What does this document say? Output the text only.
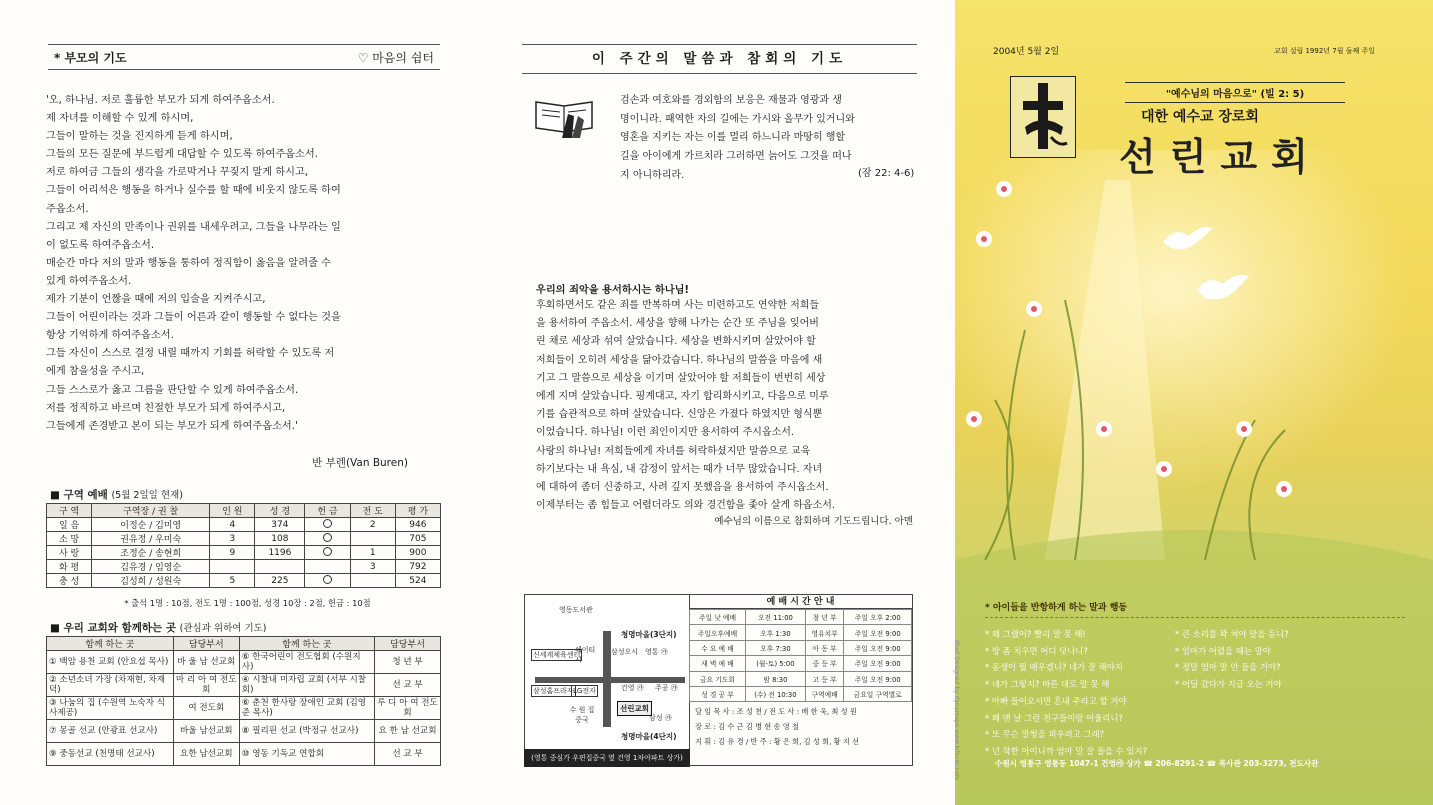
* 부모의 기도	♡ 마음의 쉼터
'오, 하나님. 저로 훌륭한 부모가 되게 하여주옵소서.
제 자녀를 이해할 수 있게 하시며,
그들이 말하는 것을 진지하게 듣게 하시며,
그들의 모든 질문에 부드럽게 대답할 수 있도록 하여주옵소서.
저로 하여금 그들의 생각을 가로막거나 꾸짖지 말게 하시고,
그들이 어리석은 행동을 하거나 실수를 할 때에 비웃지 않도록 하여
주옵소서.
그리고 제 자신의 만족이나 권위를 내세우려고, 그들을 나무라는 일
이 없도록 하여주옵소서.
매순간 마다 저의 말과 행동을 통하여 정직함이 옳음을 알려줄 수
있게 하여주옵소서.
제가 기분이 언짢을 때에 저의 입술을 지켜주시고,
그들이 어린이라는 것과 그들이 어른과 같이 행동할 수 없다는 것을
항상 기억하게 하여주옵소서.
그들 자신이 스스로 결정 내릴 때까지 기회를 허락할 수 있도록 저
에게 참을성을 주시고,
그들 스스로가 옳고 그름을 판단할 수 있게 하여주옵소서.
저를 정직하고 바르며 친절한 부모가 되게 하여주시고,
그들에게 존경받고 본이 되는 부모가 되게 하여주옵소서.'
반 부렌(Van Buren)
■ 구역 예배 (5월 2일일 현재)
구 역	구역장 / 권 찰	인 원	성 경	헌 금	전 도	평 가
일 음	이정순 / 김미영	4	374		2	946
소 망	권유정 / 우미숙	3	108			705
사 랑	조정순 / 송현희	9	1196		1	900
화 평	김유경 / 임영순				3	792
충 성	김성희 / 성원숙	5	225			524
* 출석 1명 : 10점, 전도 1명 : 100점, 성경 10장 : 2점, 헌금 : 10점
■ 우리 교회와 함께하는 곳 (관심과 위하여 기도)
함께 하는 곳	담당부서	함께 하는 곳	담당부서
① 백암 용천 교회 (안요섭 목사)	바 울 남 선교회	⑥ 한국어린이 전도협회 (수원지사)	청 년 부
② 소년소녀 가장 (차재현, 차재덕)	마 리 아 여 전도회	④ 시찰내 미자립 교회 (서부 시찰회)	선 교 부
③ 나눔의 집 (수원역 노숙자 식사제공)	여 전도회	⑥ 춘천 한사랑 장애인 교회 (김영준 목사)	루 디 아 여 전도회
⑦ 몽골 선교 (안광표 선교사)	바울 남선교회	⑧ 필리핀 선교 (박정규 선교사)	요 한 남 선교회
⑨ 중동선교 (천명태 선교사)	요한 남선교회	⑩ 영동 기독교 연합회	선 교 부
이 주간의 말씀과 참회의 기도
검손과 여호와를 경외함의 보응은 재물과 영광과 생
명이니라. 패역한 자의 길에는 가시와 올무가 있거니와
영혼을 지키는 자는 이를 멀리 하느니라 마땅히 행할
길을 아이에게 가르치라 그러하면 늙어도 그것을 떠나
지 아니하리라.	(잠 22: 4-6)
우리의 죄악을 용서하시는 하나님!
후회하면서도 같은 죄를 반복하며 사는 미련하고도 연약한 저희들
을 용서하여 주옵소서. 세상을 향해 나가는 순간 또 주님을 잊어버
린 채로 세상과 섞여 살았습니다. 세상을 변화시키며 살았어야 할
저희들이 오히려 세상을 닮아갔습니다. 하나님의 말씀을 마음에 새
기고 그 말씀으로 세상을 이기며 살았어야 할 저희들이 번번히 세상
에게 지며 살았습니다. 핑계대고, 자기 합리화시키고, 다음으로 미루
기를 습관적으로 하며 살았습니다. 신앙은 가졌다 하였지만 형식뿐
이었습니다. 하나님! 이런 죄인이지만 용서하여 주시옵소서.
사랑의 하나님! 저희들에게 자녀를 허락하셨지만 말씀으로 교육
하기보다는 내 욕심, 내 감정이 앞서는 때가 너무 많았습니다. 자녀
에 대하여 좀더 신중하고, 사려 깊지 못했음을 용서하여 주시옵소서.
이제부터는 좀 힘들고 어렵더라도 의와 경건함을 좇아 살게 하옵소서.
예수님의 이름으로 참회하며 기도드립니다. 아멘
영동도서관
청명마을(3단지)
신세계체육센터
쉐이티시
삼성오시 영통 ㉮
삼성홈프라자 LG전자	건영 ㉮ 주공 ㉮
수 원 집중국
선린교회
삼성 ㉮
청명마을(4단지)
(영통 중심가 우편집중국 옆 건영 1차아파트 상가)
예 배 시 간 안 내
주일 낮 예배	오전 11:00	청 년 부	주일 오후 2:00
주일오후예배	오후 1:30	영유치부	주일 오전 9:00
수 요 예 배	오후 7:30	아 동 부	주일 오전 9:00
새 벽 예 배	(월-토) 5:00	중 등 부	주일 오전 9:00
금요 기도회	밤 8:30	고 등 부	주일 오전 9:00
성 경 공 부	(수) 전 10:30	구역예배	금요일 구역별로
담 임 목 사 : 조 성 천 / 전 도 사 : 배 한 욱, 최 성 원
장 로 : 김 수 근 김 병 현 송 영 철
지 휘 : 김 유 경 / 반 주 : 황 은 희, 김 성 희, 황 지 선
2004년 5월 2일	교회 설립 1992년 7월 둘째 주일
"예수님의 마음으로" (빌 2: 5)
대한 예수교 장로회
선린교회
* 아이들을 반항하게 하는 말과 행동
* 왜 그랬어? 빨리 말 못 해!
* 방 좀 치우면 어디 덧나니?
* 동생이 뭘 배우겠니? 네가 잘 해야지
* 네가 그렇지? 바른 대로 말 못 해
* 아빠 들어오시면 혼내 주라고 할 거야
* 왜 맨 날 그런 친구들이랑 어울리니?
* 또 무슨 말썽을 피우려고 그래?
* 넌 착한 아이니까 엄마 말 잘 들을 수 있지?
* 큰 소리를 꽉 쳐야 말을 듣니?
* 엄마가 어렸을 때는 말야
* 정말 엄마 말 안 들을 거야?
* 어딜 갔다가 지금 오는 거야
수원시 영통구 영통동 1047-1 건영㉮ 상가 ☎ 206-8291-2 ☎ 목사관 203-3273, 전도사관
Illust Designed by dynamapo www.kdocm.com
